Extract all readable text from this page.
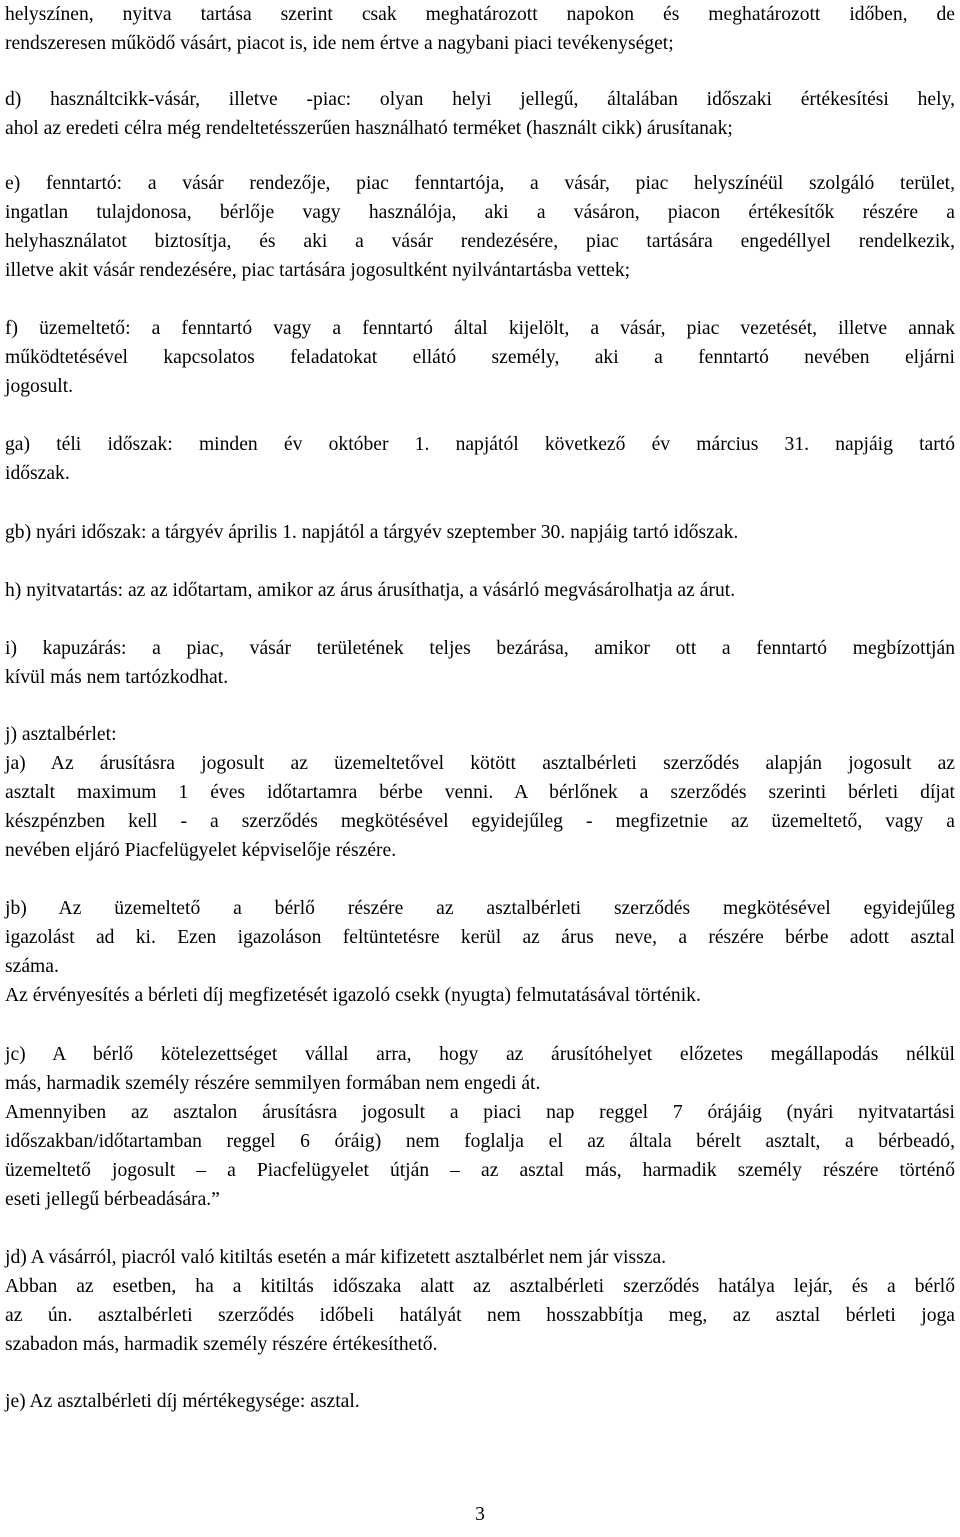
helyszínen, nyitva tartása szerint csak meghatározott napokon és meghatározott időben, de
rendszeresen működő vásárt, piacot is, ide nem értve a nagybani piaci tevékenységet;

d) használtcikk-vásár, illetve -piac: olyan helyi jellegű, általában időszaki értékesítési hely,
ahol az eredeti célra még rendeltetésszerűen használható terméket (használt cikk) árusítanak;

e) fenntartó: a vásár rendezője, piac fenntartója, a vásár, piac helyszínéül szolgáló terület,
ingatlan tulajdonosa, bérlője vagy használója, aki a vásáron, piacon értékesítők részére a
helyhasználatot biztosítja, és aki a vásár rendezésére, piac tartására engedéllyel rendelkezik,
illetve akit vásár rendezésére, piac tartására jogosultként nyilvántartásba vettek;

f) üzemeltető: a fenntartó vagy a fenntartó által kijelölt, a vásár, piac vezetését, illetve annak
működtetésével kapcsolatos feladatokat ellátó személy, aki a fenntartó nevében eljárni
jogosult.

ga) téli időszak: minden év október 1. napjától következő év március 31. napjáig tartó
időszak.

gb) nyári időszak: a tárgyév április 1. napjától a tárgyév szeptember 30. napjáig tartó időszak.

h) nyitvatartás: az az időtartam, amikor az árus árusíthatja, a vásárló megvásárolhatja az árut.

i) kapuzárás: a piac, vásár területének teljes bezárása, amikor ott a fenntartó megbízottján
kívül más nem tartózkodhat.

j) asztalbérlet:
ja) Az árusításra jogosult az üzemeltetővel kötött asztalbérleti szerződés alapján jogosult az
asztalt maximum 1 éves időtartamra bérbe venni. A bérlőnek a szerződés szerinti bérleti díjat
készpénzben kell - a szerződés megkötésével egyidejűleg - megfizetnie az üzemeltető, vagy a
nevében eljáró Piacfelügyelet képviselője részére.

jb) Az üzemeltető a bérlő részére az asztalbérleti szerződés megkötésével egyidejűleg
igazolást ad ki. Ezen igazoláson feltüntetésre kerül az árus neve, a részére bérbe adott asztal
száma.
Az érvényesítés a bérleti díj megfizetését igazoló csekk (nyugta) felmutatásával történik.

jc) A bérlő kötelezettséget vállal arra, hogy az árusítóhelyet előzetes megállapodás nélkül
más, harmadik személy részére semmilyen formában nem engedi át.
Amennyiben az asztalon árusításra jogosult a piaci nap reggel 7 órájáig (nyári nyitvatartási
időszakban/időtartamban reggel 6 óráig) nem foglalja el az általa bérelt asztalt, a bérbeadó,
üzemeltető jogosult – a Piacfelügyelet útján – az asztal más, harmadik személy részére történő
eseti jellegű bérbeadására.”

jd) A vásárról, piacról való kitiltás esetén a már kifizetett asztalbérlet nem jár vissza.
Abban az esetben, ha a kitiltás időszaka alatt az asztalbérleti szerződés hatálya lejár, és a bérlő
az ún. asztalbérleti szerződés időbeli hatályát nem hosszabbítja meg, az asztal bérleti joga
szabadon más, harmadik személy részére értékesíthető.

je) Az asztalbérleti díj mértékegysége: asztal.

3
